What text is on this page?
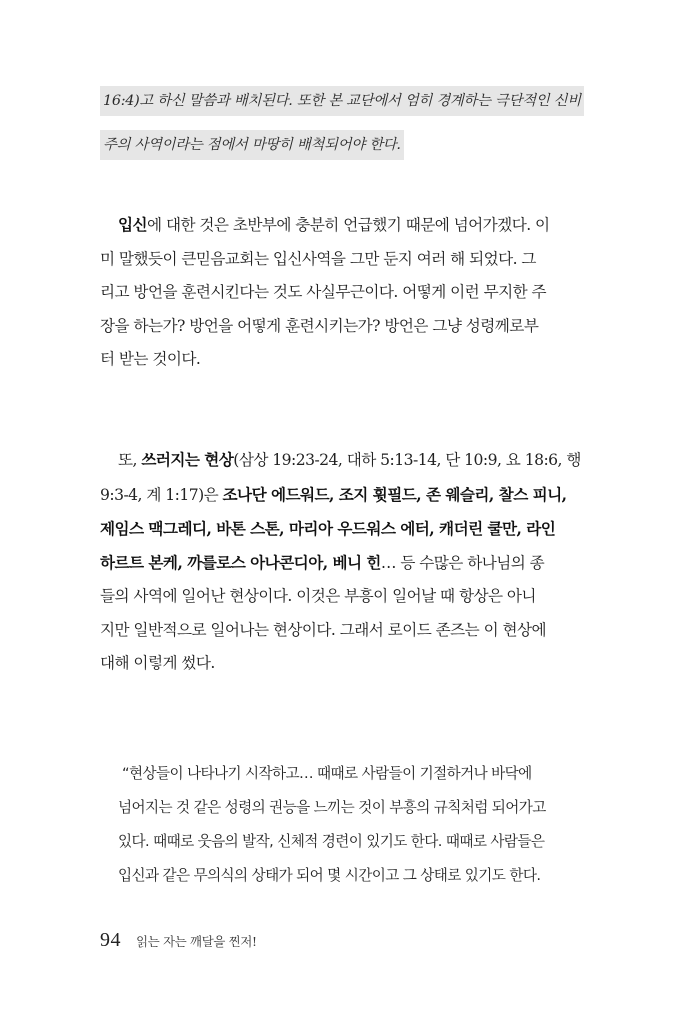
16:4)고 하신 말씀과 배치된다. 또한 본 교단에서 엄히 경계하는 극단적인 신비
주의 사역이라는 점에서 마땅히 배척되어야 한다.
입신에 대한 것은 초반부에 충분히 언급했기 때문에 넘어가겠다. 이
미 말했듯이 큰믿음교회는 입신사역을 그만 둔지 여러 해 되었다. 그
리고 방언을 훈련시킨다는 것도 사실무근이다. 어떻게 이런 무지한 주
장을 하는가? 방언을 어떻게 훈련시키는가? 방언은 그냥 성령께로부
터 받는 것이다.
또, 쓰러지는 현상(삼상 19:23-24, 대하 5:13-14, 단 10:9, 요 18:6, 행
9:3-4, 계 1:17)은 조나단 에드워드, 조지 휫필드, 존 웨슬리, 찰스 피니,
제임스 맥그레디, 바톤 스톤, 마리아 우드워스 에터, 캐더린 쿨만, 라인
하르트 본케, 까를로스 아나콘디아, 베니 힌… 등 수많은 하나님의 종
들의 사역에 일어난 현상이다. 이것은 부흥이 일어날 때 항상은 아니
지만 일반적으로 일어나는 현상이다. 그래서 로이드 존즈는 이 현상에
대해 이렇게 썼다.
“현상들이 나타나기 시작하고… 때때로 사람들이 기절하거나 바닥에
넘어지는 것 같은 성령의 권능을 느끼는 것이 부흥의 규칙처럼 되어가고
있다. 때때로 웃음의 발작, 신체적 경련이 있기도 한다. 때때로 사람들은
입신과 같은 무의식의 상태가 되어 몇 시간이고 그 상태로 있기도 한다.
94 읽는 자는 깨달을 찐저!
